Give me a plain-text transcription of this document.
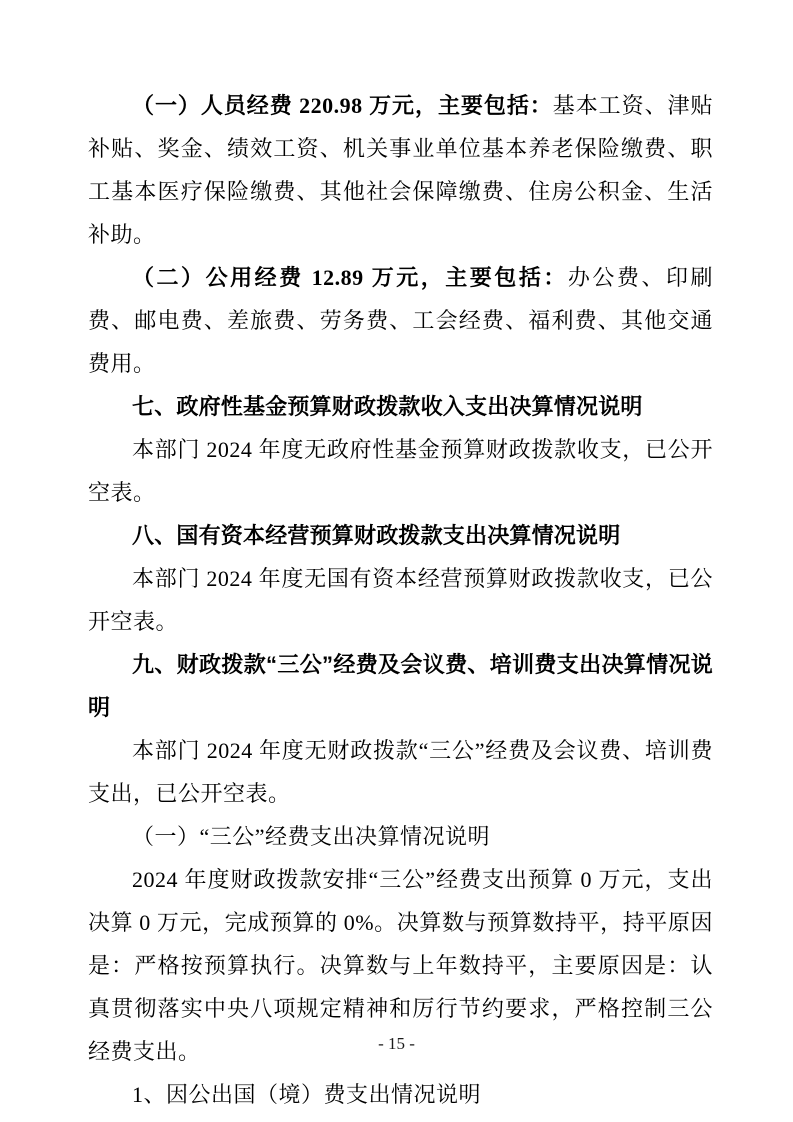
（一）人员经费 220.98 万元，主要包括：基本工资、津贴补贴、奖金、绩效工资、机关事业单位基本养老保险缴费、职工基本医疗保险缴费、其他社会保障缴费、住房公积金、生活补助。

（二）公用经费 12.89 万元，主要包括：办公费、印刷费、邮电费、差旅费、劳务费、工会经费、福利费、其他交通费用。

七、政府性基金预算财政拨款收入支出决算情况说明

本部门 2024 年度无政府性基金预算财政拨款收支，已公开空表。

八、国有资本经营预算财政拨款支出决算情况说明

本部门 2024 年度无国有资本经营预算财政拨款收支，已公开空表。

九、财政拨款“三公”经费及会议费、培训费支出决算情况说明

本部门 2024 年度无财政拨款“三公”经费及会议费、培训费支出，已公开空表。

（一）“三公”经费支出决算情况说明

2024 年度财政拨款安排“三公”经费支出预算 0 万元，支出决算 0 万元，完成预算的 0%。决算数与预算数持平，持平原因是：严格按预算执行。决算数与上年数持平，主要原因是：认真贯彻落实中央八项规定精神和厉行节约要求，严格控制三公经费支出。

1、因公出国（境）费支出情况说明

- 15 -
